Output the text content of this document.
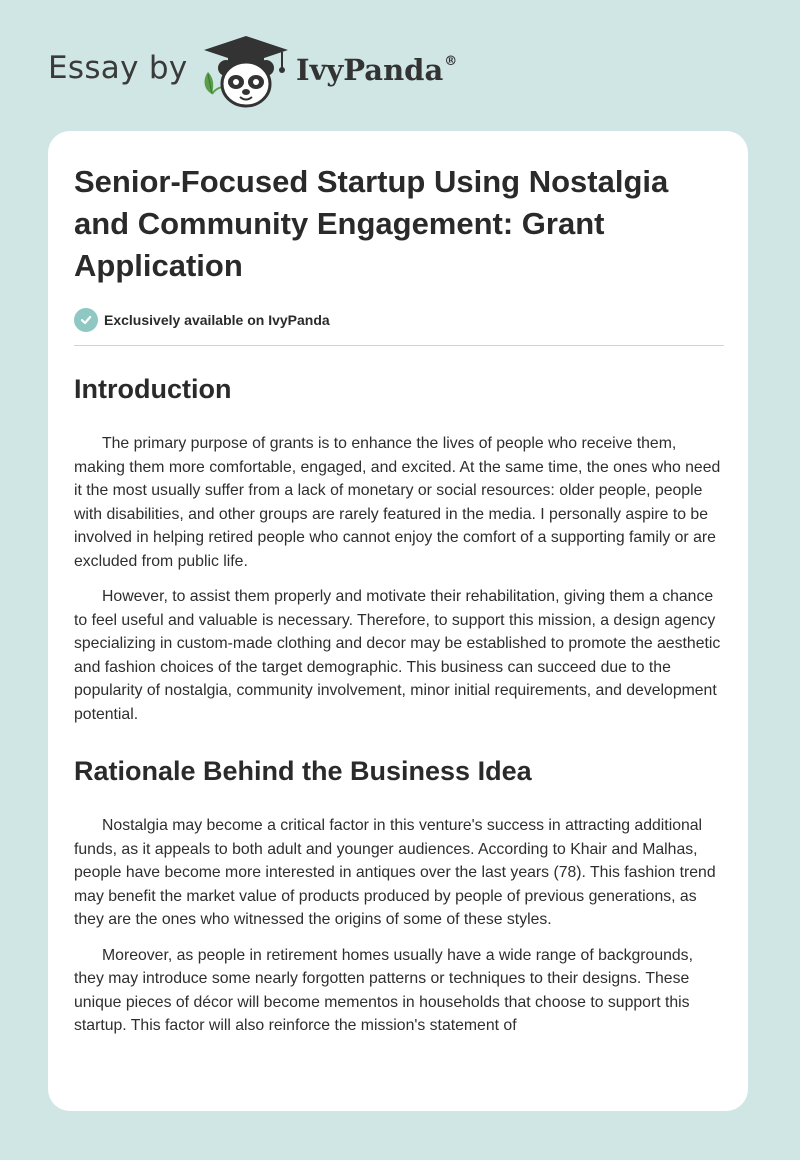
Essay by	IvyPanda®
Senior-Focused Startup Using Nostalgia and Community Engagement: Grant Application
Exclusively available on IvyPanda
Introduction

The primary purpose of grants is to enhance the lives of people who receive them, making them more comfortable, engaged, and excited. At the same time, the ones who need it the most usually suffer from a lack of monetary or social resources: older people, people with disabilities, and other groups are rarely featured in the media. I personally aspire to be involved in helping retired people who cannot enjoy the comfort of a supporting family or are excluded from public life.

However, to assist them properly and motivate their rehabilitation, giving them a chance to feel useful and valuable is necessary. Therefore, to support this mission, a design agency specializing in custom-made clothing and decor may be established to promote the aesthetic and fashion choices of the target demographic. This business can succeed due to the popularity of nostalgia, community involvement, minor initial requirements, and development potential.

Rationale Behind the Business Idea

Nostalgia may become a critical factor in this venture's success in attracting additional funds, as it appeals to both adult and younger audiences. According to Khair and Malhas, people have become more interested in antiques over the last years (78). This fashion trend may benefit the market value of products produced by people of previous generations, as they are the ones who witnessed the origins of some of these styles.

Moreover, as people in retirement homes usually have a wide range of backgrounds, they may introduce some nearly forgotten patterns or techniques to their designs. These unique pieces of décor will become mementos in households that choose to support this startup. This factor will also reinforce the mission's statement of
